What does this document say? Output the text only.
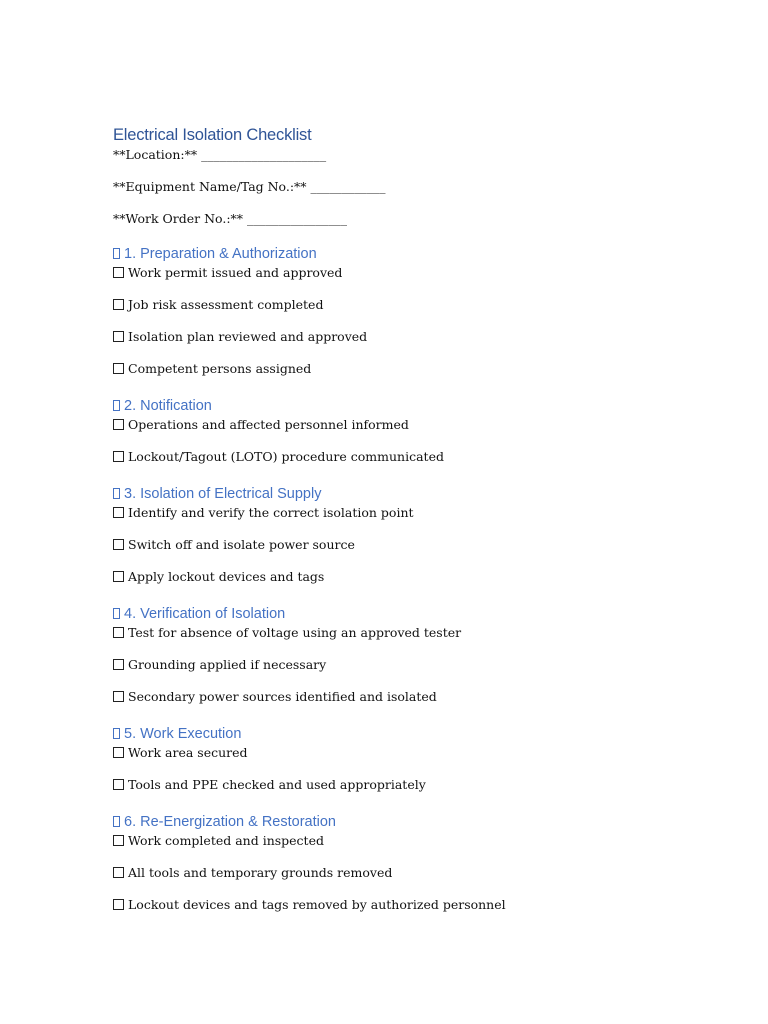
Electrical Isolation Checklist
**Location:** ____________________
**Equipment Name/Tag No.:** ____________
**Work Order No.:** ________________
1. Preparation & Authorization
Work permit issued and approved
Job risk assessment completed
Isolation plan reviewed and approved
Competent persons assigned
2. Notification
Operations and affected personnel informed
Lockout/Tagout (LOTO) procedure communicated
3. Isolation of Electrical Supply
Identify and verify the correct isolation point
Switch off and isolate power source
Apply lockout devices and tags
4. Verification of Isolation
Test for absence of voltage using an approved tester
Grounding applied if necessary
Secondary power sources identified and isolated
5. Work Execution
Work area secured
Tools and PPE checked and used appropriately
6. Re-Energization & Restoration
Work completed and inspected
All tools and temporary grounds removed
Lockout devices and tags removed by authorized personnel
